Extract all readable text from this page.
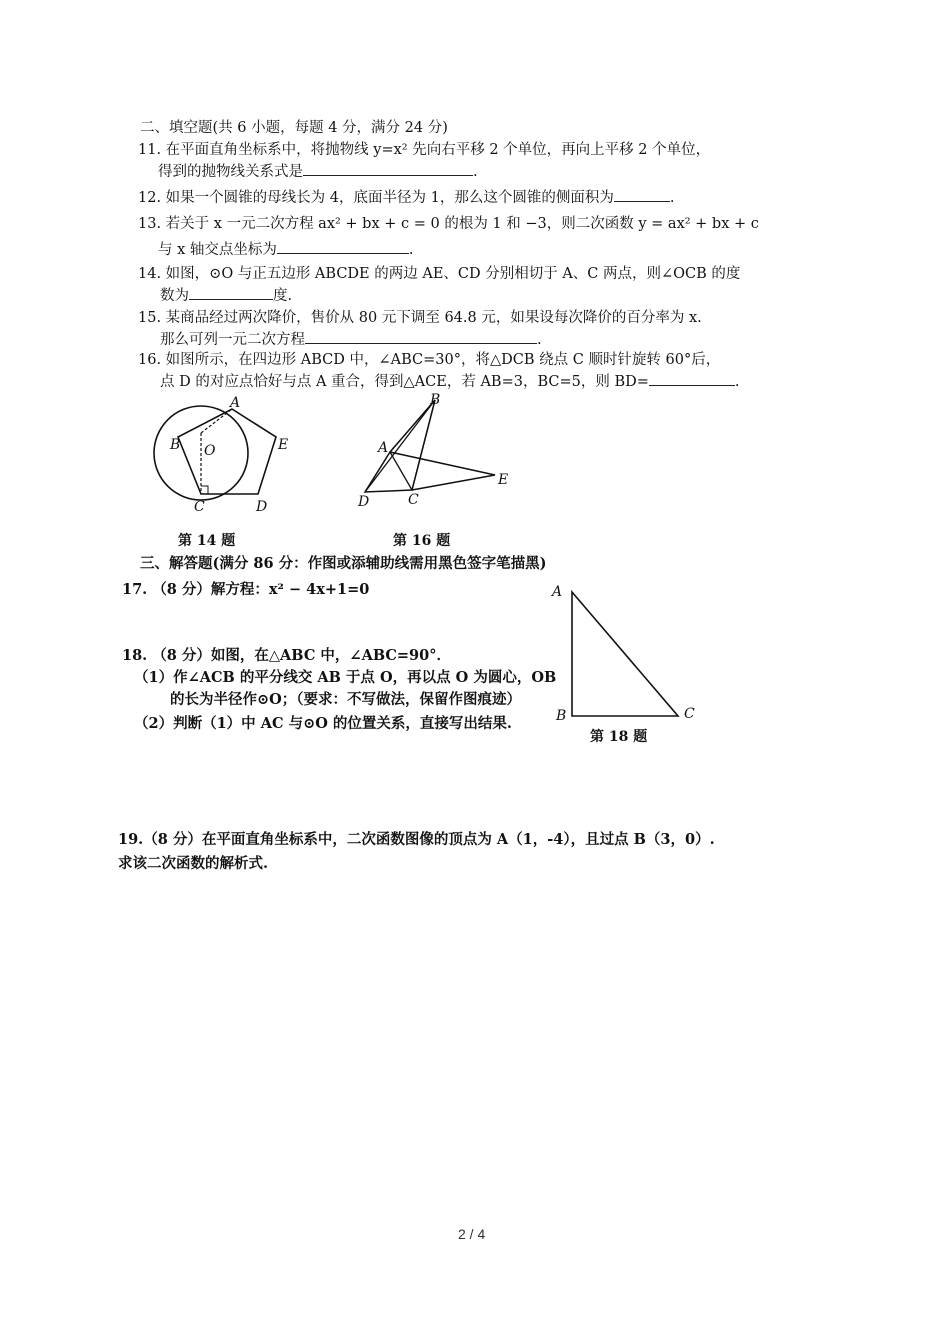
二、填空题(共 6 小题，每题 4 分，满分 24 分)
11. 在平面直角坐标系中，将抛物线 y=x² 先向右平移 2 个单位，再向上平移 2 个单位，
得到的抛物线关系式是	.
12. 如果一个圆锥的母线长为 4，底面半径为 1，那么这个圆锥的侧面积为	.
13. 若关于 x 一元二次方程 ax² + bx + c = 0 的根为 1 和 −3，则二次函数 y = ax² + bx + c
与 x 轴交点坐标为	.
14. 如图，⊙O 与正五边形 ABCDE 的两边 AE、CD 分别相切于 A、C 两点，则∠OCB 的度
数为	度.
15. 某商品经过两次降价，售价从 80 元下调至 64.8 元，如果设每次降价的百分率为 x.
那么可列一元二次方程	.
16. 如图所示，在四边形 ABCD 中，∠ABC=30°，将△DCB 绕点 C 顺时针旋转 60°后，
点 D 的对应点恰好与点 A 重合，得到△ACE，若 AB=3，BC=5，则 BD=	.
A
B O	E
C	D
第 14 题
B
A
E
D	C
第 16 题
三、解答题(满分 86 分：作图或添辅助线需用黑色签字笔描黑)
17. （8 分）解方程：x² − 4x+1=0
18. （8 分）如图，在△ABC 中，∠ABC=90°．
（1）作∠ACB 的平分线交 AB 于点 O，再以点 O 为圆心，OB
的长为半径作⊙O；（要求：不写做法，保留作图痕迹）
（2）判断（1）中 AC 与⊙O 的位置关系，直接写出结果.
A
B	C
第 18 题
19.（8 分）在平面直角坐标系中，二次函数图像的顶点为 A（1，-4），且过点 B（3，0）.
求该二次函数的解析式.
2 / 4
